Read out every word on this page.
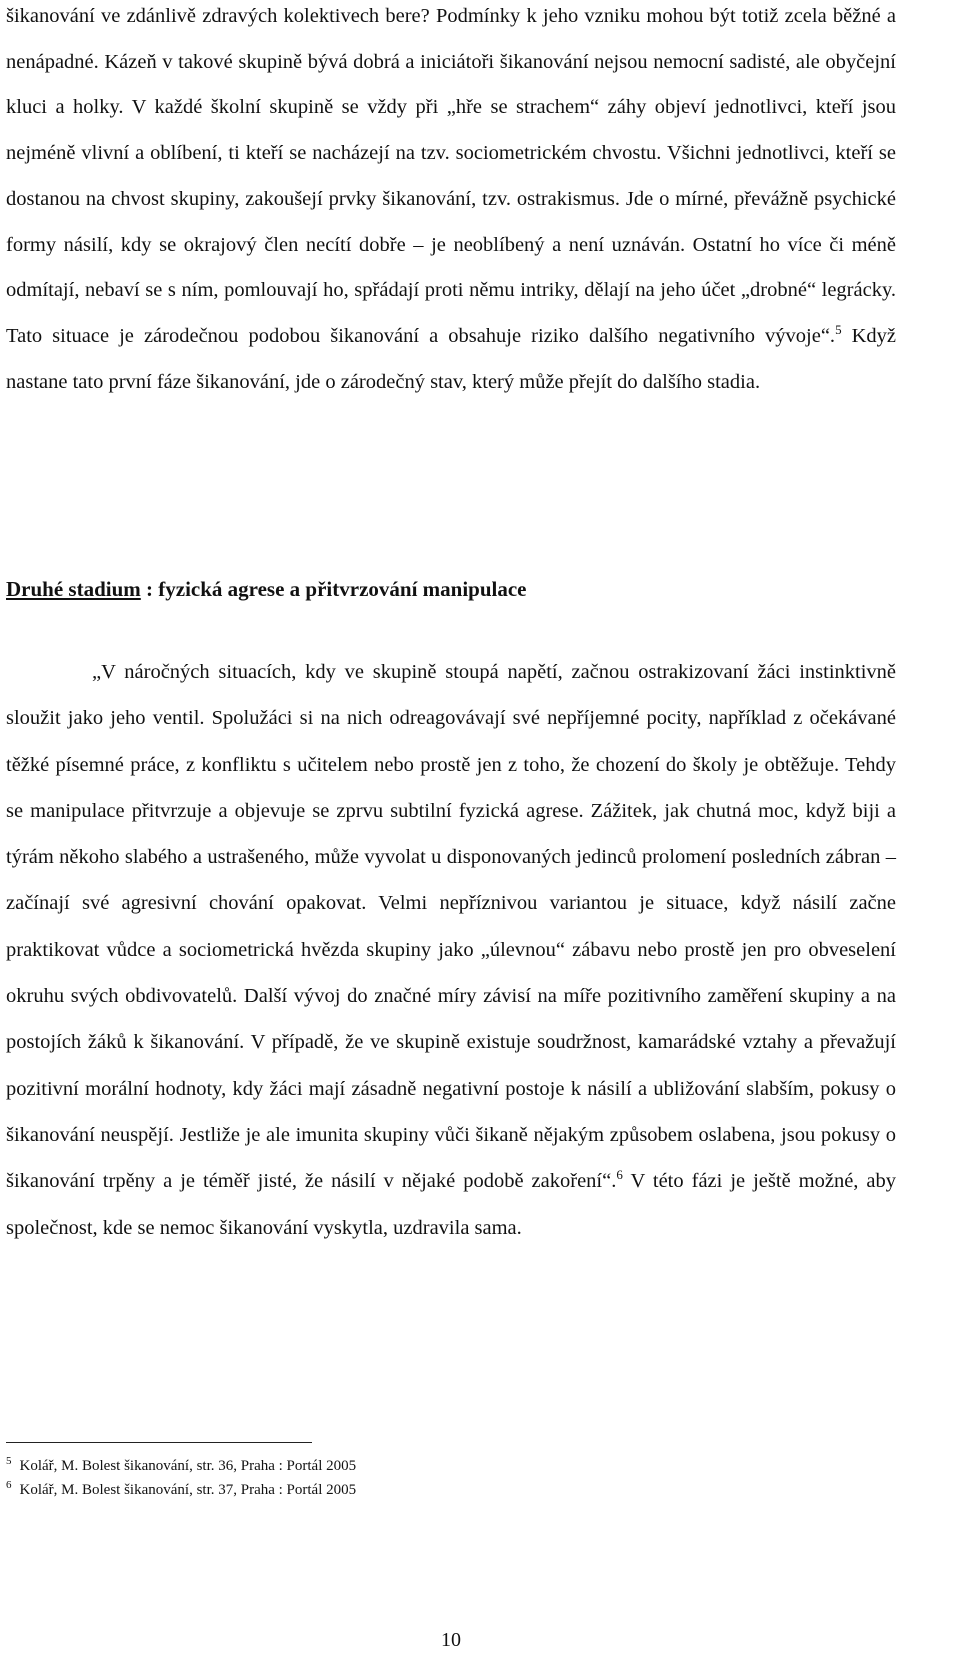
šikanování ve zdánlivě zdravých kolektivech bere? Podmínky k jeho vzniku mohou být totiž zcela běžné a nenápadné. Kázeň v takové skupině bývá dobrá a iniciátoři šikanování nejsou nemocní sadisté, ale obyčejní kluci a holky. V každé školní skupině se vždy při „hře se strachem“ záhy objeví jednotlivci, kteří jsou nejméně vlivní a oblíbení, ti kteří se nacházejí na tzv. sociometrickém chvostu. Všichni jednotlivci, kteří se dostanou na chvost skupiny, zakoušejí prvky šikanování, tzv. ostrakismus. Jde o mírné, převážně psychické formy násilí, kdy se okrajový člen necítí dobře – je neoblíbený a není uznáván. Ostatní ho více či méně odmítají, nebaví se s ním, pomlouvají ho, spřádají proti němu intriky, dělají na jeho účet „drobné“ legrácky. Tato situace je zárodečnou podobou šikanování a obsahuje riziko dalšího negativního vývoje“.$^5$ Když nastane tato první fáze šikanování, jde o zárodečný stav, který může přejít do dalšího stadia.

Druhé stadium : fyzická agrese a přitvrzování manipulace

„V náročných situacích, kdy ve skupině stoupá napětí, začnou ostrakizovaní žáci instinktivně sloužit jako jeho ventil. Spolužáci si na nich odreagovávají své nepříjemné pocity, například z očekávané těžké písemné práce, z konfliktu s učitelem nebo prostě jen z toho, že chození do školy je obtěžuje. Tehdy se manipulace přitvrzuje a objevuje se zprvu subtilní fyzická agrese. Zážitek, jak chutná moc, když biji a týrám někoho slabého a ustrašeného, může vyvolat u disponovaných jedinců prolomení posledních zábran – začínají své agresivní chování opakovat. Velmi nepříznivou variantou je situace, když násilí začne praktikovat vůdce a sociometrická hvězda skupiny jako „úlevnou“ zábavu nebo prostě jen pro obveselení okruhu svých obdivovatelů. Další vývoj do značné míry závisí na míře pozitivního zaměření skupiny a na postojích žáků k šikanování. V případě, že ve skupině existuje soudržnost, kamarádské vztahy a převažují pozitivní morální hodnoty, kdy žáci mají zásadně negativní postoje k násilí a ubližování slabším, pokusy o šikanování neuspějí. Jestliže je ale imunita skupiny vůči šikaně nějakým způsobem oslabena, jsou pokusy o šikanování trpěny a je téměř jisté, že násilí v nějaké podobě zakoření“.$^6$ V této fázi je ještě možné, aby společnost, kde se nemoc šikanování vyskytla, uzdravila sama.

$^5$ Kolář, M. Bolest šikanování, str. 36, Praha : Portál 2005
$^6$ Kolář, M. Bolest šikanování, str. 37, Praha : Portál 2005
10
